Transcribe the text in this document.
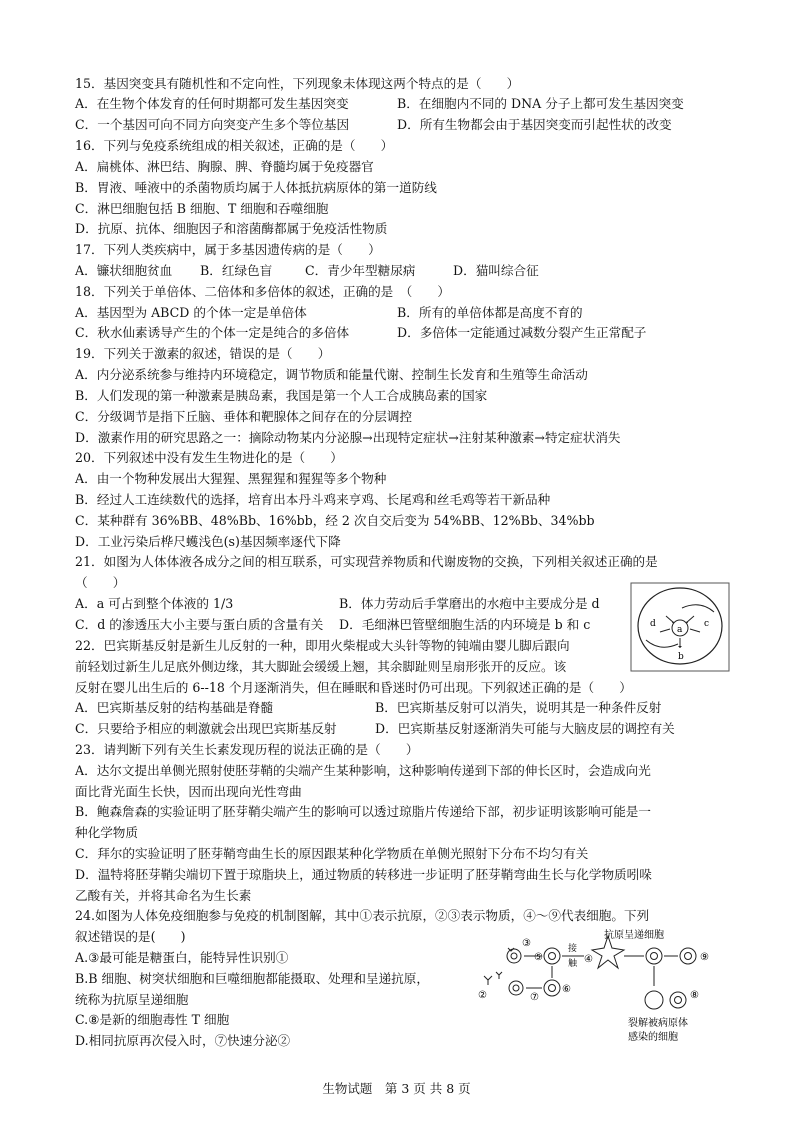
15．基因突变具有随机性和不定向性，下列现象未体现这两个特点的是（　　）
A．在生物个体发育的任何时期都可发生基因突变	B．在细胞内不同的 DNA 分子上都可发生基因突变
C．一个基因可向不同方向突变产生多个等位基因	D．所有生物都会由于基因突变而引起性状的改变
16．下列与免疫系统组成的相关叙述，正确的是（　　）
A．扁桃体、淋巴结、胸腺、脾、脊髓均属于免疫器官
B．胃液、唾液中的杀菌物质均属于人体抵抗病原体的第一道防线
C．淋巴细胞包括 B 细胞、T 细胞和吞噬细胞
D．抗原、抗体、细胞因子和溶菌酶都属于免疫活性物质
17．下列人类疾病中，属于多基因遗传病的是（　　）
A．镰状细胞贫血 B．红绿色盲	C．青少年型糖尿病	D．猫叫综合征
18．下列关于单倍体、二倍体和多倍体的叙述，正确的是　（　　）
A．基因型为 ABCD 的个体一定是单倍体	B．所有的单倍体都是高度不育的
C．秋水仙素诱导产生的个体一定是纯合的多倍体	D．多倍体一定能通过减数分裂产生正常配子
19．下列关于激素的叙述，错误的是（　　）
A．内分泌系统参与维持内环境稳定，调节物质和能量代谢、控制生长发育和生殖等生命活动
B．人们发现的第一种激素是胰岛素，我国是第一个人工合成胰岛素的国家
C．分级调节是指下丘脑、垂体和靶腺体之间存在的分层调控
D．激素作用的研究思路之一：摘除动物某内分泌腺→出现特定症状→注射某种激素→特定症状消失
20．下列叙述中没有发生生物进化的是（　　）
A．由一个物种发展出大猩猩、黑猩猩和猩猩等多个物种
B．经过人工连续数代的选择，培育出本丹斗鸡来亨鸡、长尾鸡和丝毛鸡等若干新品种
C．某种群有 36%BB、48%Bb、16%bb，经 2 次自交后变为 54%BB、12%Bb、34%bb
D．工业污染后桦尺蠖浅色(s)基因频率逐代下降
21．如图为人体体液各成分之间的相互联系，可实现营养物质和代谢废物的交换，下列相关叙述正确的是
（　　）
A．a 可占到整个体液的 1/3	B．体力劳动后手掌磨出的水疱中主要成分是 d
C．d 的渗透压大小主要与蛋白质的含量有关 D．毛细淋巴管壁细胞生活的内环境是 b 和 c	a
b
c
d
22．巴宾斯基反射是新生儿反射的一种，即用火柴棍或大头针等物的钝端由婴儿脚后跟向
前轻划过新生儿足底外侧边缘，其大脚趾会缓缓上翘，其余脚趾则呈扇形张开的反应。该
反射在婴儿出生后的 6--18 个月逐渐消失，但在睡眠和昏迷时仍可出现。下列叙述正确的是（　　）
A．巴宾斯基反射的结构基础是脊髓	B．巴宾斯基反射可以消失，说明其是一种条件反射
C．只要给予相应的刺激就会出现巴宾斯基反射	D．巴宾斯基反射逐渐消失可能与大脑皮层的调控有关
23．请判断下列有关生长素发现历程的说法正确的是（　　）
A．达尔文提出单侧光照射使胚芽鞘的尖端产生某种影响，这种影响传递到下部的伸长区时，会造成向光
面比背光面生长快，因而出现向光性弯曲
B．鲍森詹森的实验证明了胚芽鞘尖端产生的影响可以透过琼脂片传递给下部，初步证明该影响可能是一
种化学物质
C．拜尔的实验证明了胚芽鞘弯曲生长的原因跟某种化学物质在单侧光照射下分布不均匀有关
D．温特将胚芽鞘尖端切下置于琼脂块上，通过物质的转移进一步证明了胚芽鞘弯曲生长与化学物质吲哚
乙酸有关，并将其命名为生长素
24.如图为人体免疫细胞参与免疫的机制图解，其中①表示抗原，②③表示物质，④～⑨代表细胞。下列
叙述错误的是(　　)
A.③最可能是糖蛋白，能特异性识别①
B.B 细胞、树突状细胞和巨噬细胞都能摄取、处理和呈递抗原，
统称为抗原呈递细胞
C.⑧是新的细胞毒性 T 细胞
D.相同抗原再次侵入时，⑦快速分泌②
抗原呈递细胞
接
触
②
③
④
⑤
⑥
⑦	⑧
⑨
裂解被病原体
感染的细胞
生物试题　第 3 页 共 8 页
